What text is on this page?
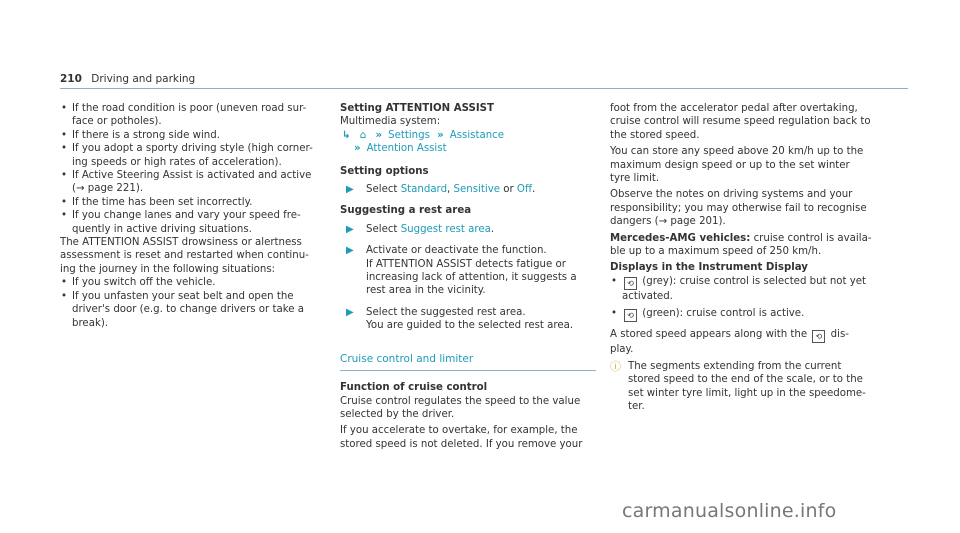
210 Driving and parking
• If the road condition is poor (uneven road sur- face or potholes).
• If there is a strong side wind.
• If you adopt a sporty driving style (high corner- ing speeds or high rates of acceleration).
• If Active Steering Assist is activated and active (→ page 221).
• If the time has been set incorrectly.
• If you change lanes and vary your speed fre- quently in active driving situations.

The ATTENTION ASSIST drowsiness or alertness assessment is reset and restarted when continu- ing the journey in the following situations:

• If you switch off the vehicle.
• If you unfasten your seat belt and open the driver's door (e.g. to change drivers or take a break).

Setting ATTENTION ASSIST

Multimedia system:

↳ ⌂ » Settings » Assistance

» Attention Assist

Setting options

▶ Select Standard, Sensitive or Off.

Suggesting a rest area

▶ Select Suggest rest area.
▶ Activate or deactivate the function.

If ATTENTION ASSIST detects fatigue or increasing lack of attention, it suggests a rest area in the vicinity.

▶ Select the suggested rest area.

You are guided to the selected rest area.

Cruise control and limiter

Function of cruise control

Cruise control regulates the speed to the value selected by the driver.

If you accelerate to overtake, for example, the stored speed is not deleted. If you remove your

foot from the accelerator pedal after overtaking, cruise control will resume speed regulation back to the stored speed.

You can store any speed above 20 km/h up to the maximum design speed or up to the set winter tyre limit.

Observe the notes on driving systems and your responsibility; you may otherwise fail to recognise dangers (→ page 201).

Mercedes-AMG vehicles: cruise control is availa- ble up to a maximum speed of 250 km/h.

Displays in the Instrument Display

• ⟲ (grey): cruise control is selected but not yet activated.
• ⟲ (green): cruise control is active.

A stored speed appears along with the ⟲ dis- play.

ⓘ The segments extending from the current stored speed to the end of the scale, or to the set winter tyre limit, light up in the speedome- ter.
carmanualsonline.info
